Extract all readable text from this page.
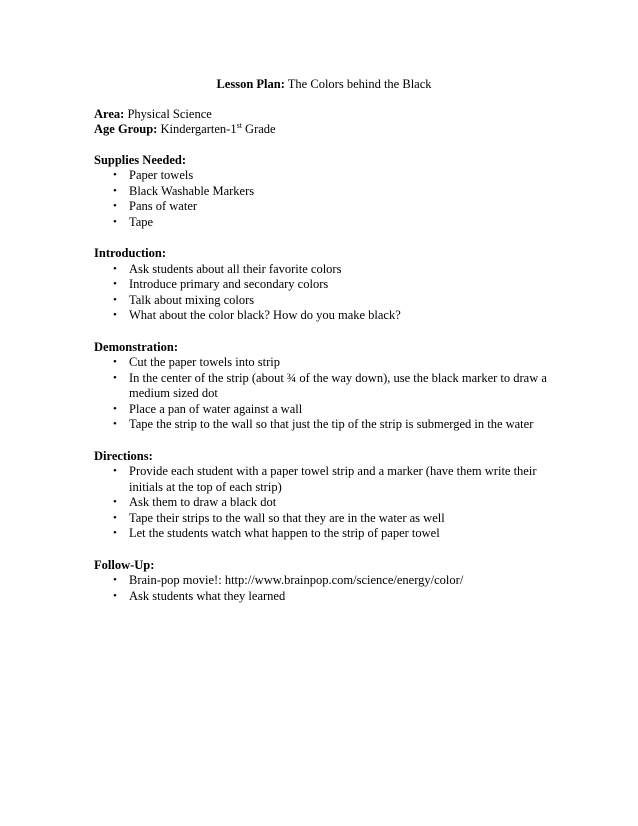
Lesson Plan: The Colors behind the Black

Area: Physical Science

Age Group: Kindergarten-1st Grade

Supplies Needed:

• Paper towels
• Black Washable Markers
• Pans of water
• Tape

Introduction:

• Ask students about all their favorite colors
• Introduce primary and secondary colors
• Talk about mixing colors
• What about the color black? How do you make black?

Demonstration:

• Cut the paper towels into strip
• In the center of the strip (about ¾ of the way down), use the black marker to draw a medium sized dot
• Place a pan of water against a wall
• Tape the strip to the wall so that just the tip of the strip is submerged in the water

Directions:

• Provide each student with a paper towel strip and a marker (have them write their initials at the top of each strip)
• Ask them to draw a black dot
• Tape their strips to the wall so that they are in the water as well
• Let the students watch what happen to the strip of paper towel

Follow-Up:

• Brain-pop movie!: http://www.brainpop.com/science/energy/color/
• Ask students what they learned
